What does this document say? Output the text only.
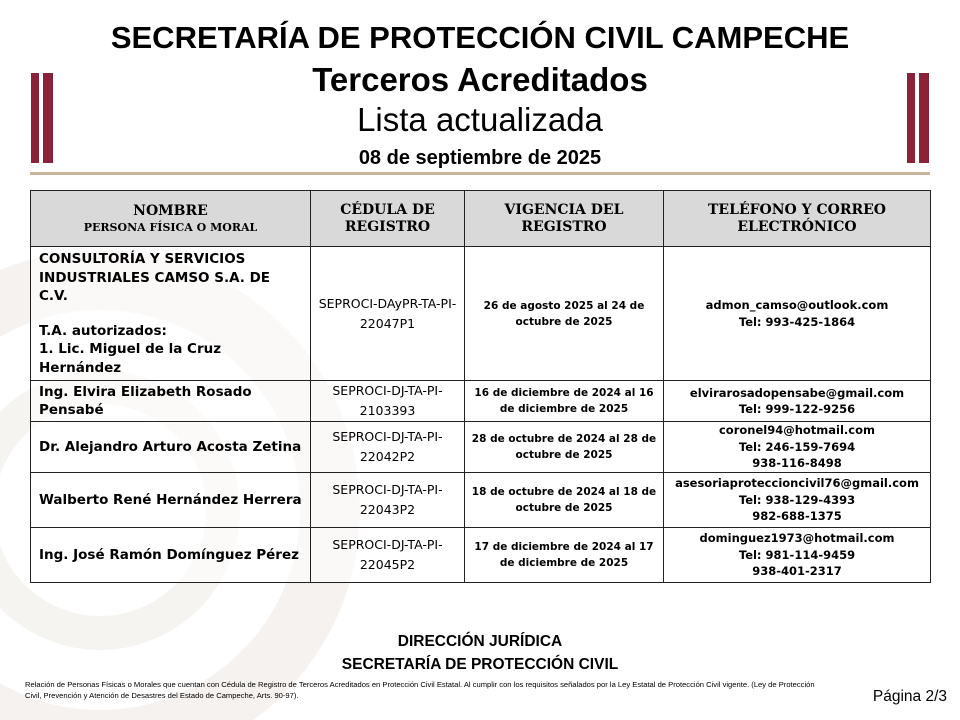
SECRETARÍA DE PROTECCIÓN CIVIL CAMPECHE
Terceros Acreditados
Lista actualizada
08 de septiembre de 2025
NOMBRE
PERSONA FÍSICA O MORAL	CÉDULA DE REGISTRO	VIGENCIA DEL REGISTRO	TELÉFONO Y CORREO ELECTRÓNICO

CONSULTORÍA Y SERVICIOS INDUSTRIALES CAMSO S.A. DE C.V.
T.A. autorizados:
1. Lic. Miguel de la Cruz Hernández	SEPROCI-DAyPR-TA-PI-22047P1	26 de agosto 2025 al 24 de octubre de 2025	admon_camso@outlook.com
Tel: 993-425-1864

Ing. Elvira Elizabeth Rosado Pensabé	SEPROCI-DJ-TA-PI-2103393	16 de diciembre de 2024 al 16 de diciembre de 2025	elvirarosadopensabe@gmail.com
Tel: 999-122-9256

Dr. Alejandro Arturo Acosta Zetina	SEPROCI-DJ-TA-PI-22042P2	28 de octubre de 2024 al 28 de octubre de 2025	coronel94@hotmail.com
Tel: 246-159-7694
938-116-8498

Walberto René Hernández Herrera	SEPROCI-DJ-TA-PI-22043P2	18 de octubre de 2024 al 18 de octubre de 2025	asesoriaproteccioncivil76@gmail.com
Tel: 938-129-4393
982-688-1375

Ing. José Ramón Domínguez Pérez	SEPROCI-DJ-TA-PI-22045P2	17 de diciembre de 2024 al 17 de diciembre de 2025	dominguez1973@hotmail.com
Tel: 981-114-9459
938-401-2317
DIRECCIÓN JURÍDICA
SECRETARÍA DE PROTECCIÓN CIVIL
Relación de Personas Físicas o Morales que cuentan con Cédula de Registro de Terceros Acreditados en Protección Civil Estatal. Al cumplir con los requisitos señalados por la Ley Estatal de Protección Civil vigente. (Ley de Protección Civil, Prevención y Atención de Desastres del Estado de Campeche, Arts. 90-97).	Página 2/3
